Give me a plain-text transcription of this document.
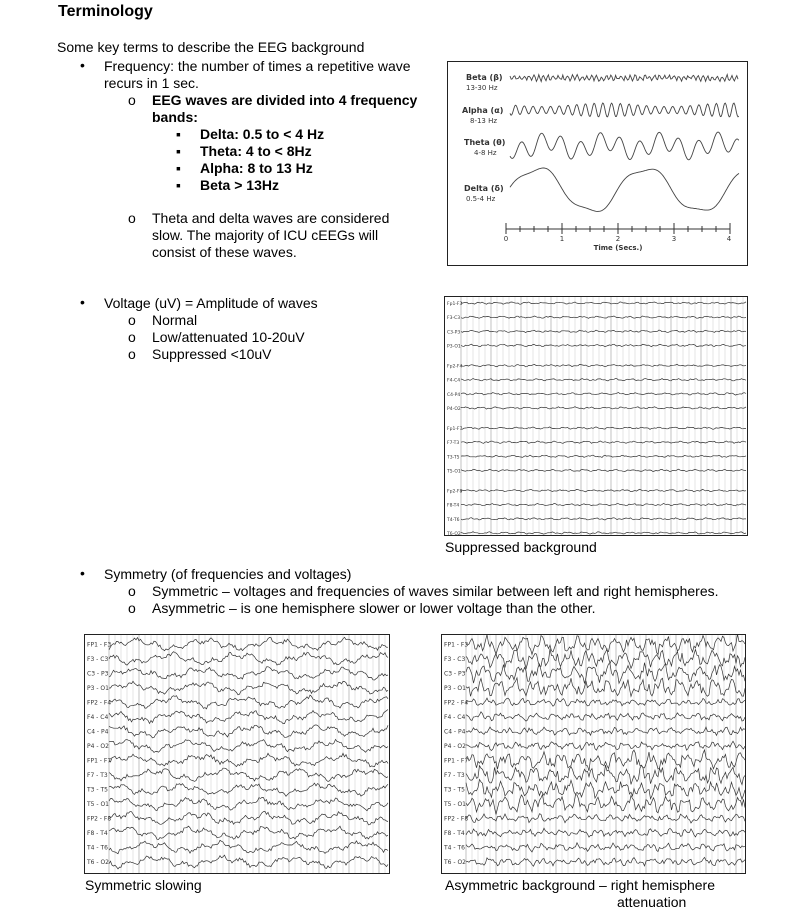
Terminology
Some key terms to describe the EEG background
• Frequency: the number of times a repetitive wave
recurs in 1 sec.
o EEG waves are divided into 4 frequency
bands:
▪ Delta: 0.5 to < 4 Hz
▪ Theta: 4 to < 8Hz
▪ Alpha: 8 to 13 Hz
▪ Beta > 13Hz
o Theta and delta waves are considered
slow. The majority of ICU cEEGs will
consist of these waves.
• Voltage (uV) = Amplitude of waves
o Normal
o Low/attenuated 10-20uV
o Suppressed <10uV
• Symmetry (of frequencies and voltages)
o Symmetric – voltages and frequencies of waves similar between left and right hemispheres.
o Asymmetric – is one hemisphere slower or lower voltage than the other.
Beta (β)
13-30 Hz
Alpha (α)
8-13 Hz
Theta (θ)
4-8 Hz
Delta (δ)
0.5-4 Hz
0	1	2	3	4
Time (Secs.)
Fp1-F3
F3-C3
C3-P3
P3-O1
Fp2-F4
F4-C4
C4-P4
P4-O2
Fp1-F7
F7-T3
T3-T5
T5-O1
Fp2-F8
F8-T4
T4-T6
T6-O2
Suppressed background
FP1 - F3
F3 - C3
C3 - P3
P3 - O1
FP2 - F4
F4 - C4
C4 - P4
P4 - O2
FP1 - F7
F7 - T3
T3 - T5
T5 - O1
FP2 - F8
F8 - T4
T4 - T6
T6 - O2
Symmetric slowing
FP1 - F3
F3 - C3
C3 - P3
P3 - O1
FP2 - F4
F4 - C4
C4 - P4
P4 - O2
FP1 - F7
F7 - T3
T3 - T5
T5 - O1
FP2 - F8
F8 - T4
T4 - T6
T6 - O2
Asymmetric background – right hemisphere
attenuation
